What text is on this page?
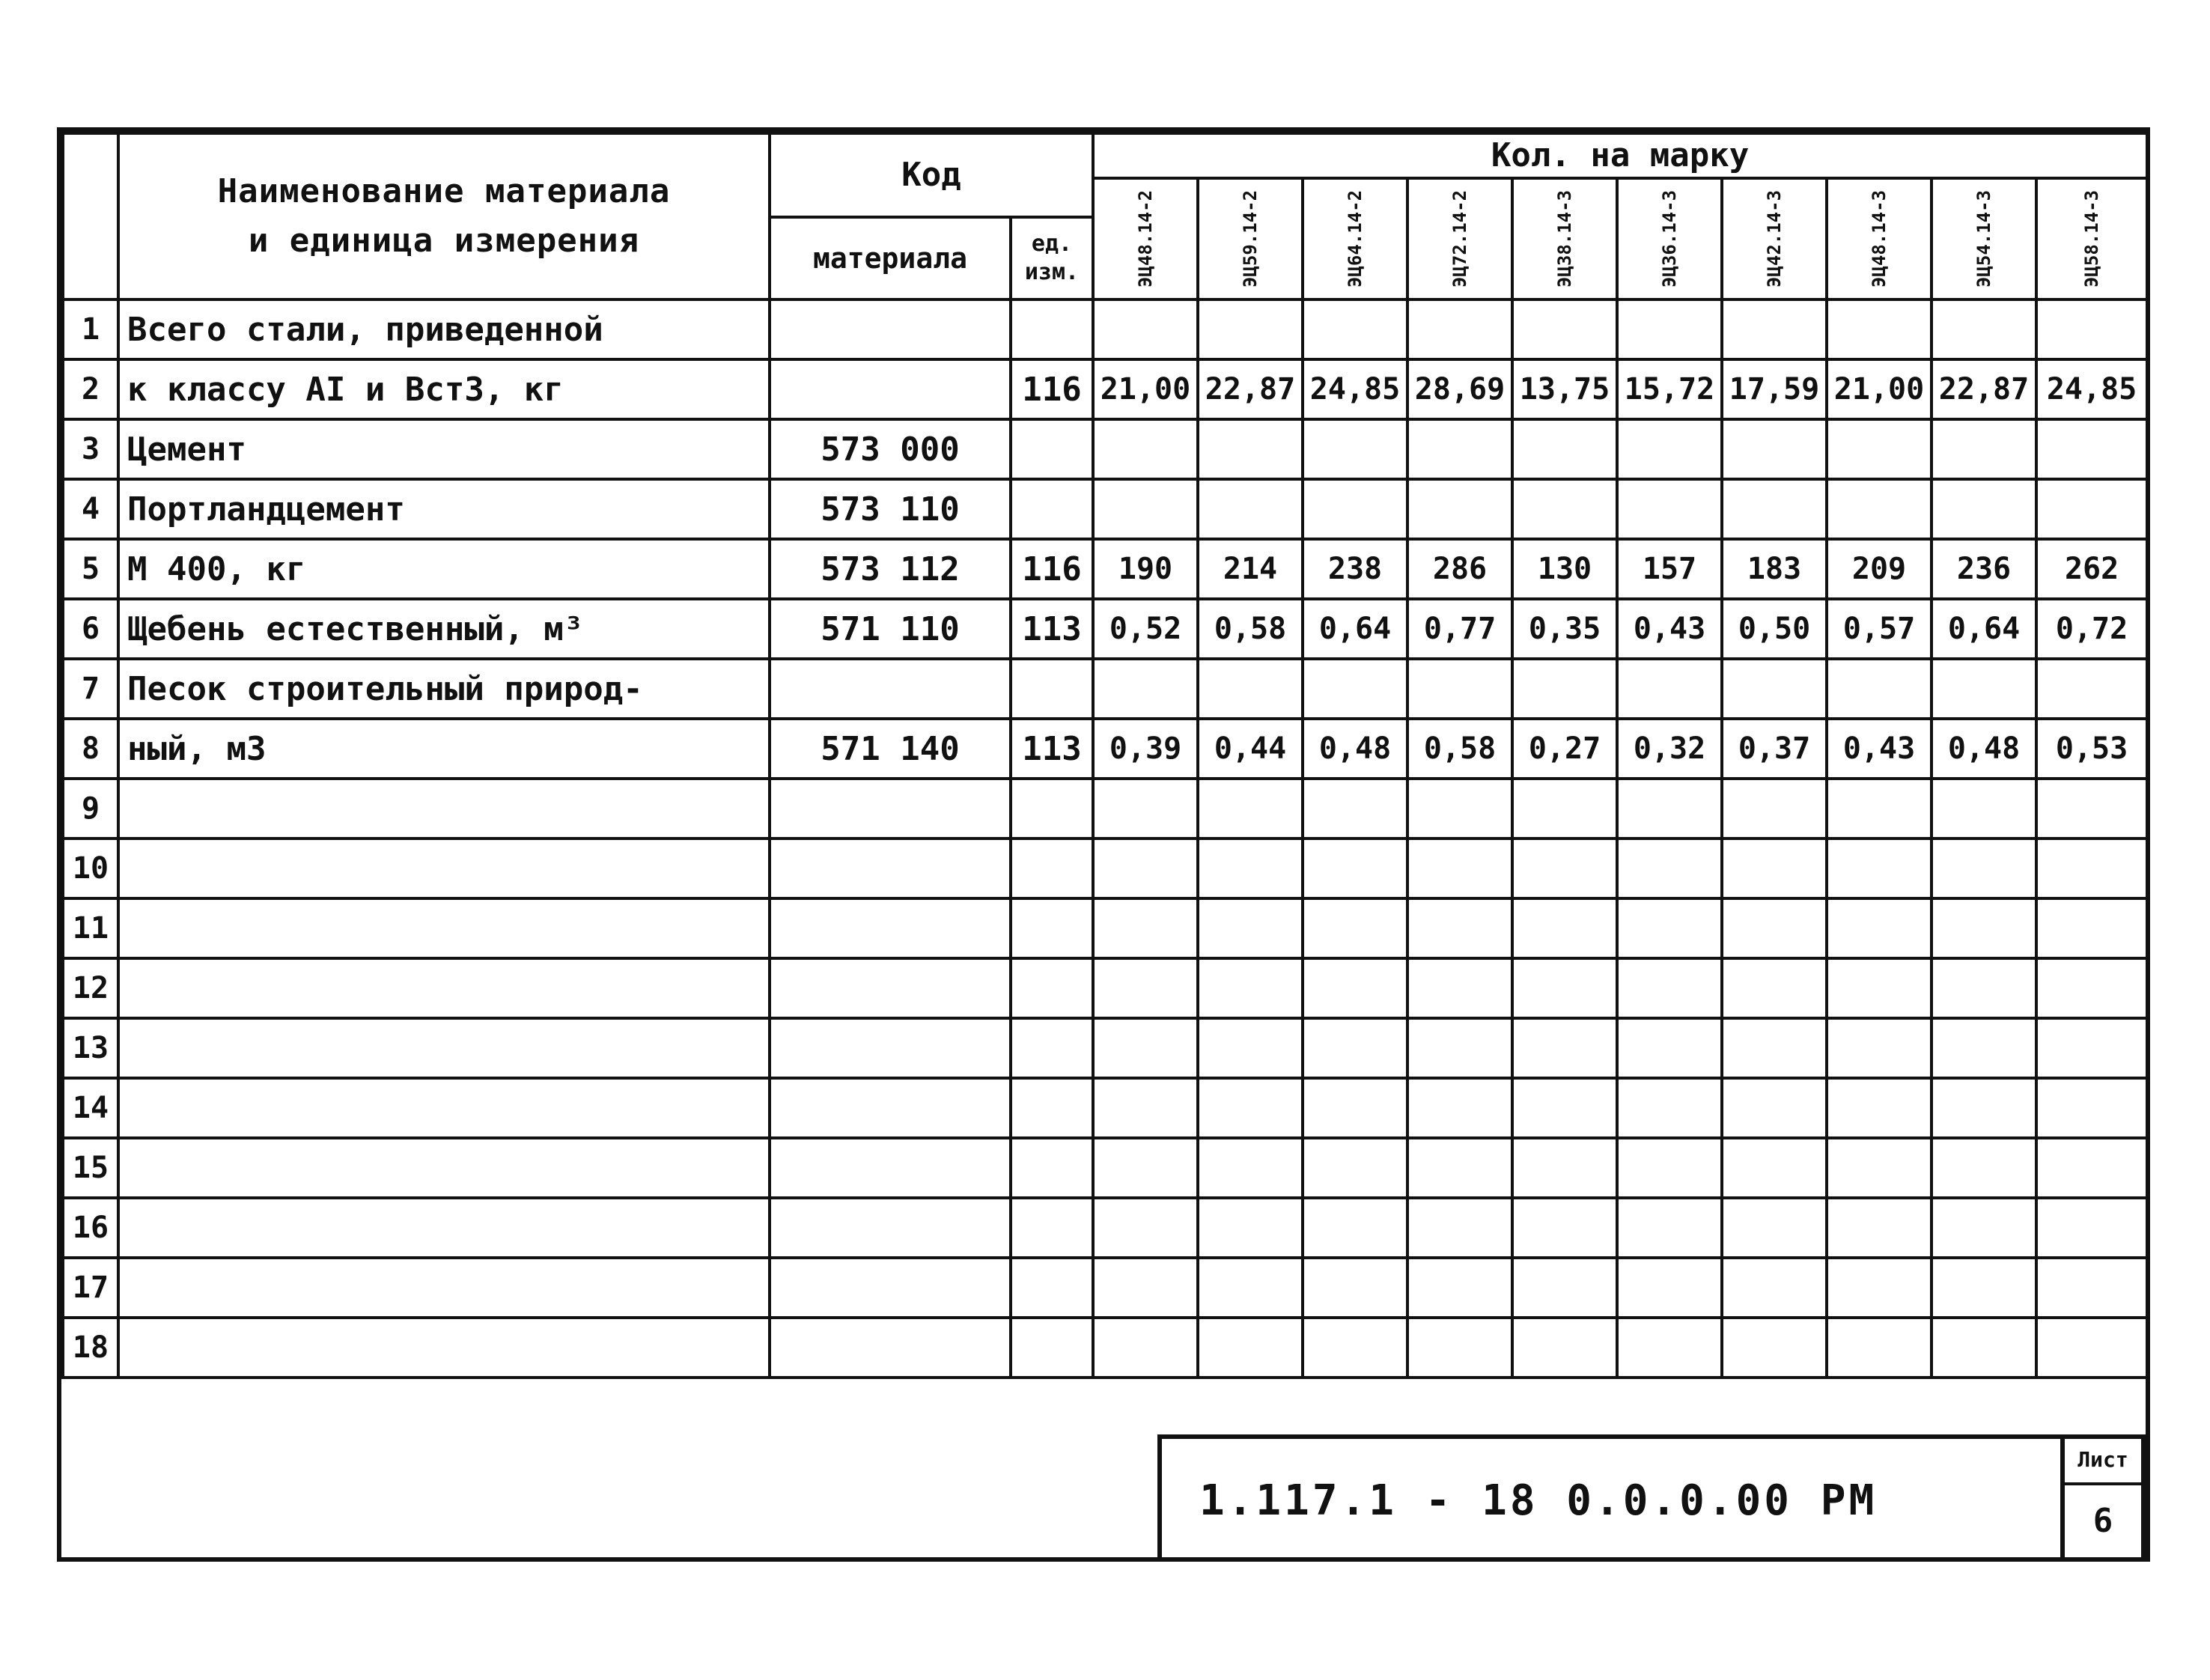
	Наименование материала
и единица измерения	Код		Кол. на марку									

				ЭЦ48.14-2	ЭЦ59.14-2	ЭЦ64.14-2	ЭЦ72.14-2	ЭЦ38.14-3	ЭЦ36.14-3	ЭЦ42.14-3	ЭЦ48.14-3	ЭЦ54.14-3	ЭЦ58.14-3

		материала	ед. изм.										
1	Всего стали, приведенной												
2	к классу АI и Вст3, кг		116	21,00	22,87	24,85	28,69	13,75	15,72	17,59	21,00	22,87	24,85
3	Цемент	573 000											
4	Портландцемент	573 110											
5	М 400, кг	573 112	116	190	214	238	286	130	157	183	209	236	262
6	Щебень естественный, м³	571 110	113	0,52	0,58	0,64	0,77	0,35	0,43	0,50	0,57	0,64	0,72
7	Песок строительный природ-												
8	ный, м3	571 140	113	0,39	0,44	0,48	0,58	0,27	0,32	0,37	0,43	0,48	0,53
9													
10													
11													
12													
13													
14													
15													
16													
17													
18													
1.117.1 - 18 0.0.0.00 РМ
Лист
6
